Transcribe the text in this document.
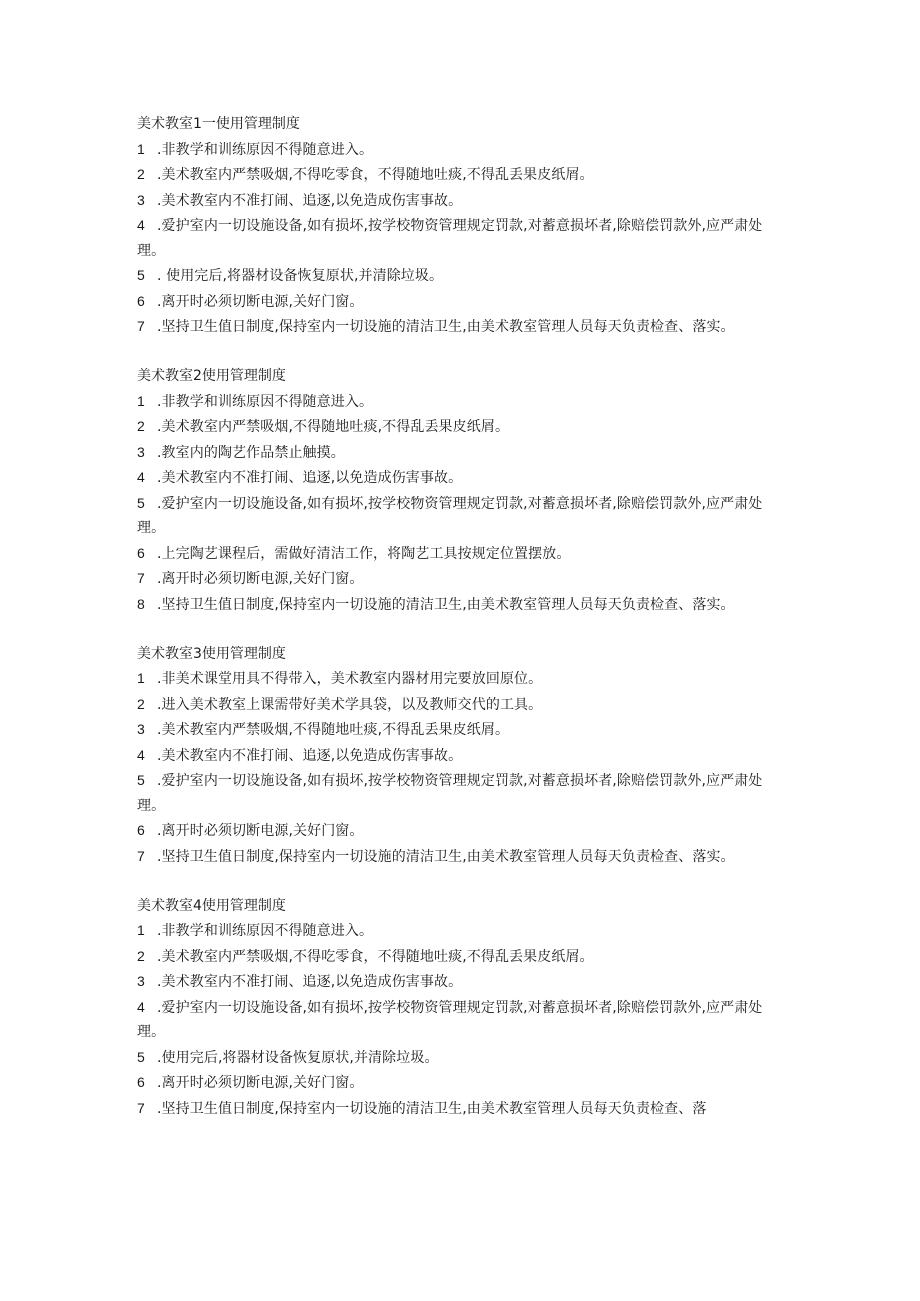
美术教室1一使用管理制度
1 .非教学和训练原因不得随意进入。
2 .美术教室内严禁吸烟,不得吃零食，不得随地吐痰,不得乱丢果皮纸屑。
3 .美术教室内不准打闹、追逐,以免造成伤害事故。
4 .爱护室内一切设施设备,如有损坏,按学校物资管理规定罚款,对蓄意损坏者,除赔偿罚款外,应严肃处理。
5 . 使用完后,将器材设备恢复原状,并清除垃圾。
6 .离开时必须切断电源,关好门窗。
7 .坚持卫生值日制度,保持室内一切设施的清洁卫生,由美术教室管理人员每天负责检查、落实。
美术教室2使用管理制度
1 .非教学和训练原因不得随意进入。
2 .美术教室内严禁吸烟,不得随地吐痰,不得乱丢果皮纸屑。
3 .教室内的陶艺作品禁止触摸。
4 .美术教室内不准打闹、追逐,以免造成伤害事故。
5 .爱护室内一切设施设备,如有损坏,按学校物资管理规定罚款,对蓄意损坏者,除赔偿罚款外,应严肃处理。
6 .上完陶艺课程后，需做好清洁工作，将陶艺工具按规定位置摆放。
7 .离开时必须切断电源,关好门窗。
8 .坚持卫生值日制度,保持室内一切设施的清洁卫生,由美术教室管理人员每天负责检查、落实。
美术教室3使用管理制度
1 .非美术课堂用具不得带入，美术教室内器材用完要放回原位。
2 .进入美术教室上课需带好美术学具袋，以及教师交代的工具。
3 .美术教室内严禁吸烟,不得随地吐痰,不得乱丢果皮纸屑。
4 .美术教室内不准打闹、追逐,以免造成伤害事故。
5 .爱护室内一切设施设备,如有损坏,按学校物资管理规定罚款,对蓄意损坏者,除赔偿罚款外,应严肃处理。
6 .离开时必须切断电源,关好门窗。
7 .坚持卫生值日制度,保持室内一切设施的清洁卫生,由美术教室管理人员每天负责检查、落实。
美术教室4使用管理制度
1 .非教学和训练原因不得随意进入。
2 .美术教室内严禁吸烟,不得吃零食，不得随地吐痰,不得乱丢果皮纸屑。
3 .美术教室内不准打闹、追逐,以免造成伤害事故。
4 .爱护室内一切设施设备,如有损坏,按学校物资管理规定罚款,对蓄意损坏者,除赔偿罚款外,应严肃处理。
5 .使用完后,将器材设备恢复原状,并清除垃圾。
6 .离开时必须切断电源,关好门窗。
7 .坚持卫生值日制度,保持室内一切设施的清洁卫生,由美术教室管理人员每天负责检查、落
